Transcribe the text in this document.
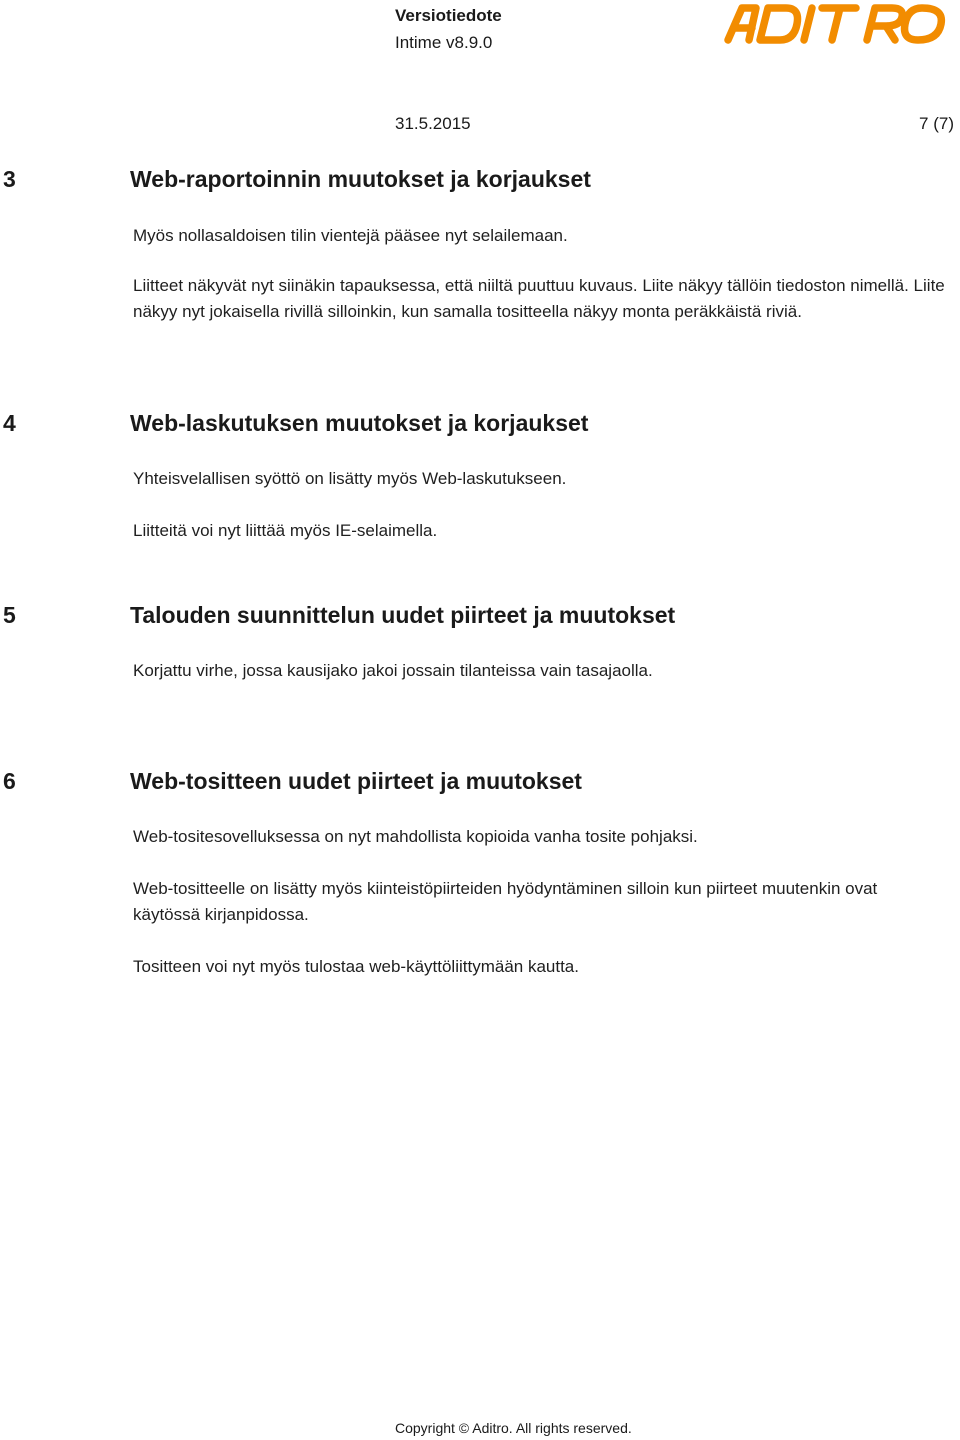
Versiotiedote
Intime v8.9.0
31.5.2015	7 (7)
3	Web-raportoinnin muutokset ja korjaukset
Myös nollasaldoisen tilin vientejä pääsee nyt selailemaan.
Liitteet näkyvät nyt siinäkin tapauksessa, että niiltä puuttuu kuvaus. Liite näkyy tällöin tiedoston nimellä. Liite näkyy nyt jokaisella rivillä silloinkin, kun samalla tositteella näkyy monta peräkkäistä riviä.
4	Web-laskutuksen muutokset ja korjaukset
Yhteisvelallisen syöttö on lisätty myös Web-laskutukseen.
Liitteitä voi nyt liittää myös IE-selaimella.
5	Talouden suunnittelun uudet piirteet ja muutokset
Korjattu virhe, jossa kausijako jakoi jossain tilanteissa vain tasajaolla.
6	Web-tositteen uudet piirteet ja muutokset
Web-tositesovelluksessa on nyt mahdollista kopioida vanha tosite pohjaksi.
Web-tositteelle on lisätty myös kiinteistöpiirteiden hyödyntäminen silloin kun piirteet muutenkin ovat käytössä kirjanpidossa.
Tositteen voi nyt myös tulostaa web-käyttöliittymään kautta.
Copyright © Aditro. All rights reserved.
